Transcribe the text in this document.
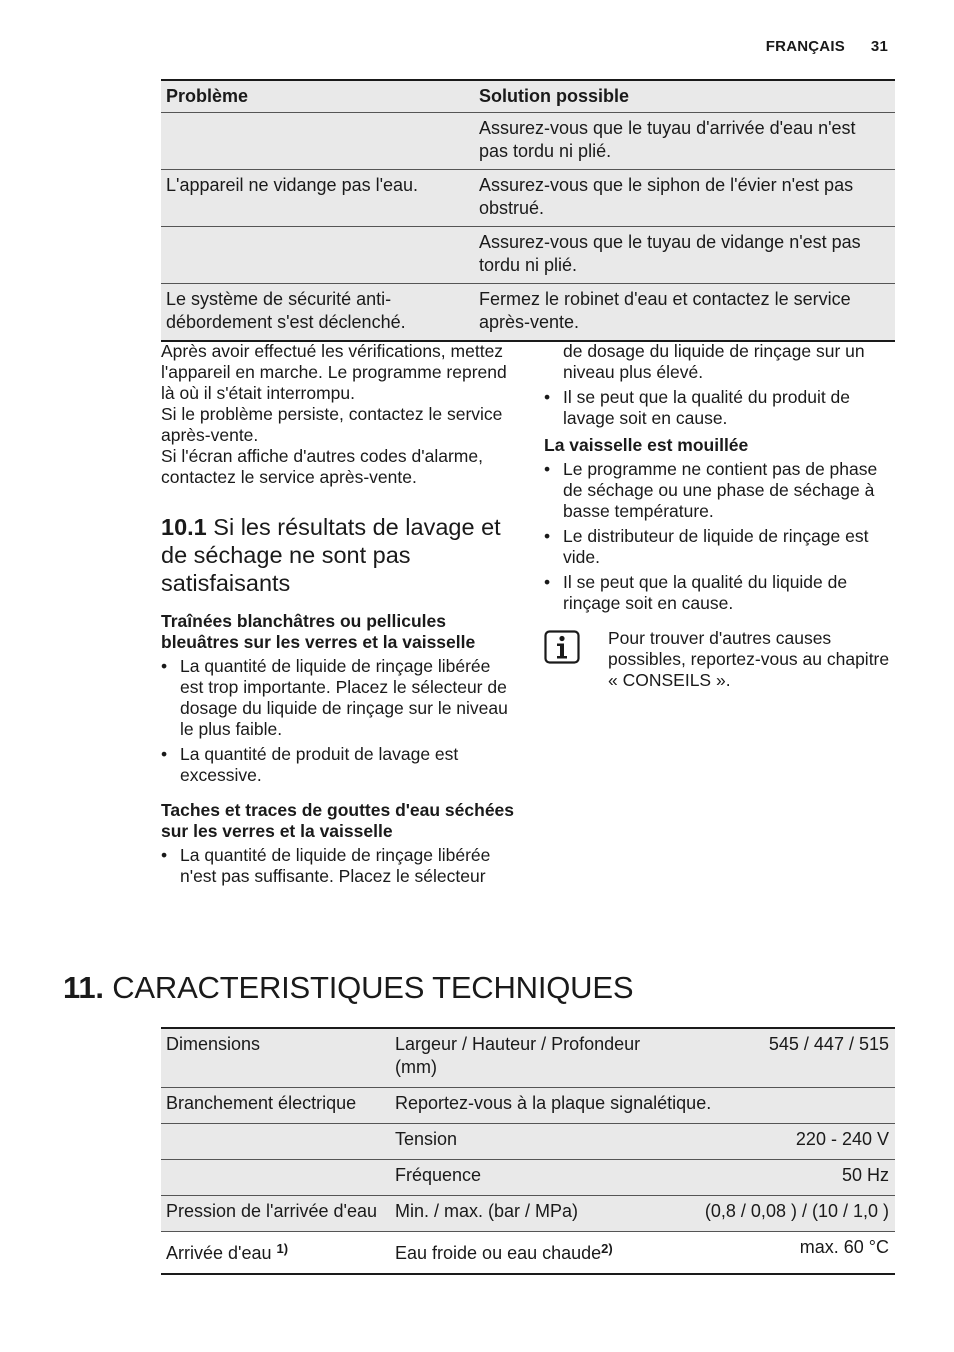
FRANÇAIS 31
Problème	Solution possible
	Assurez-vous que le tuyau d'arrivée d'eau n'est pas tordu ni plié.
L'appareil ne vidange pas l'eau.	Assurez-vous que le siphon de l'évier n'est pas obstrué.
	Assurez-vous que le tuyau de vidange n'est pas tordu ni plié.
Le système de sécurité anti-débordement s'est déclenché.	Fermez le robinet d'eau et contactez le service après-vente.

Après avoir effectué les vérifications, mettez l'appareil en marche. Le programme reprend là où il s'était interrompu.

Si le problème persiste, contactez le service après-vente.

Si l'écran affiche d'autres codes d'alarme, contactez le service après-vente.

10.1 Si les résultats de lavage et de séchage ne sont pas satisfaisants

Traînées blanchâtres ou pellicules bleuâtres sur les verres et la vaisselle

• La quantité de liquide de rinçage libérée est trop importante. Placez le sélecteur de dosage du liquide de rinçage sur le niveau le plus faible.
• La quantité de produit de lavage est excessive.

Taches et traces de gouttes d'eau séchées sur les verres et la vaisselle

• La quantité de liquide de rinçage libérée n'est pas suffisante. Placez le sélecteur

de dosage du liquide de rinçage sur un niveau plus élevé.

• Il se peut que la qualité du produit de lavage soit en cause.

La vaisselle est mouillée

• Le programme ne contient pas de phase de séchage ou une phase de séchage à basse température.
• Le distributeur de liquide de rinçage est vide.
• Il se peut que la qualité du liquide de rinçage soit en cause.
Pour trouver d'autres causes possibles, reportez-vous au chapitre « CONSEILS ».
11. CARACTERISTIQUES TECHNIQUES
Dimensions	Largeur / Hauteur / Profondeur (mm)	545 / 447 / 515
Branchement électrique	Reportez-vous à la plaque signalétique.	
	Tension	220 - 240 V
	Fréquence	50 Hz
Pression de l'arrivée d'eau	Min. / max. (bar / MPa)	(0,8 / 0,08 ) / (10 / 1,0 )
Arrivée d'eau $^{1)}$	Eau froide ou eau chaude$^{2)}$	max. 60 °C
